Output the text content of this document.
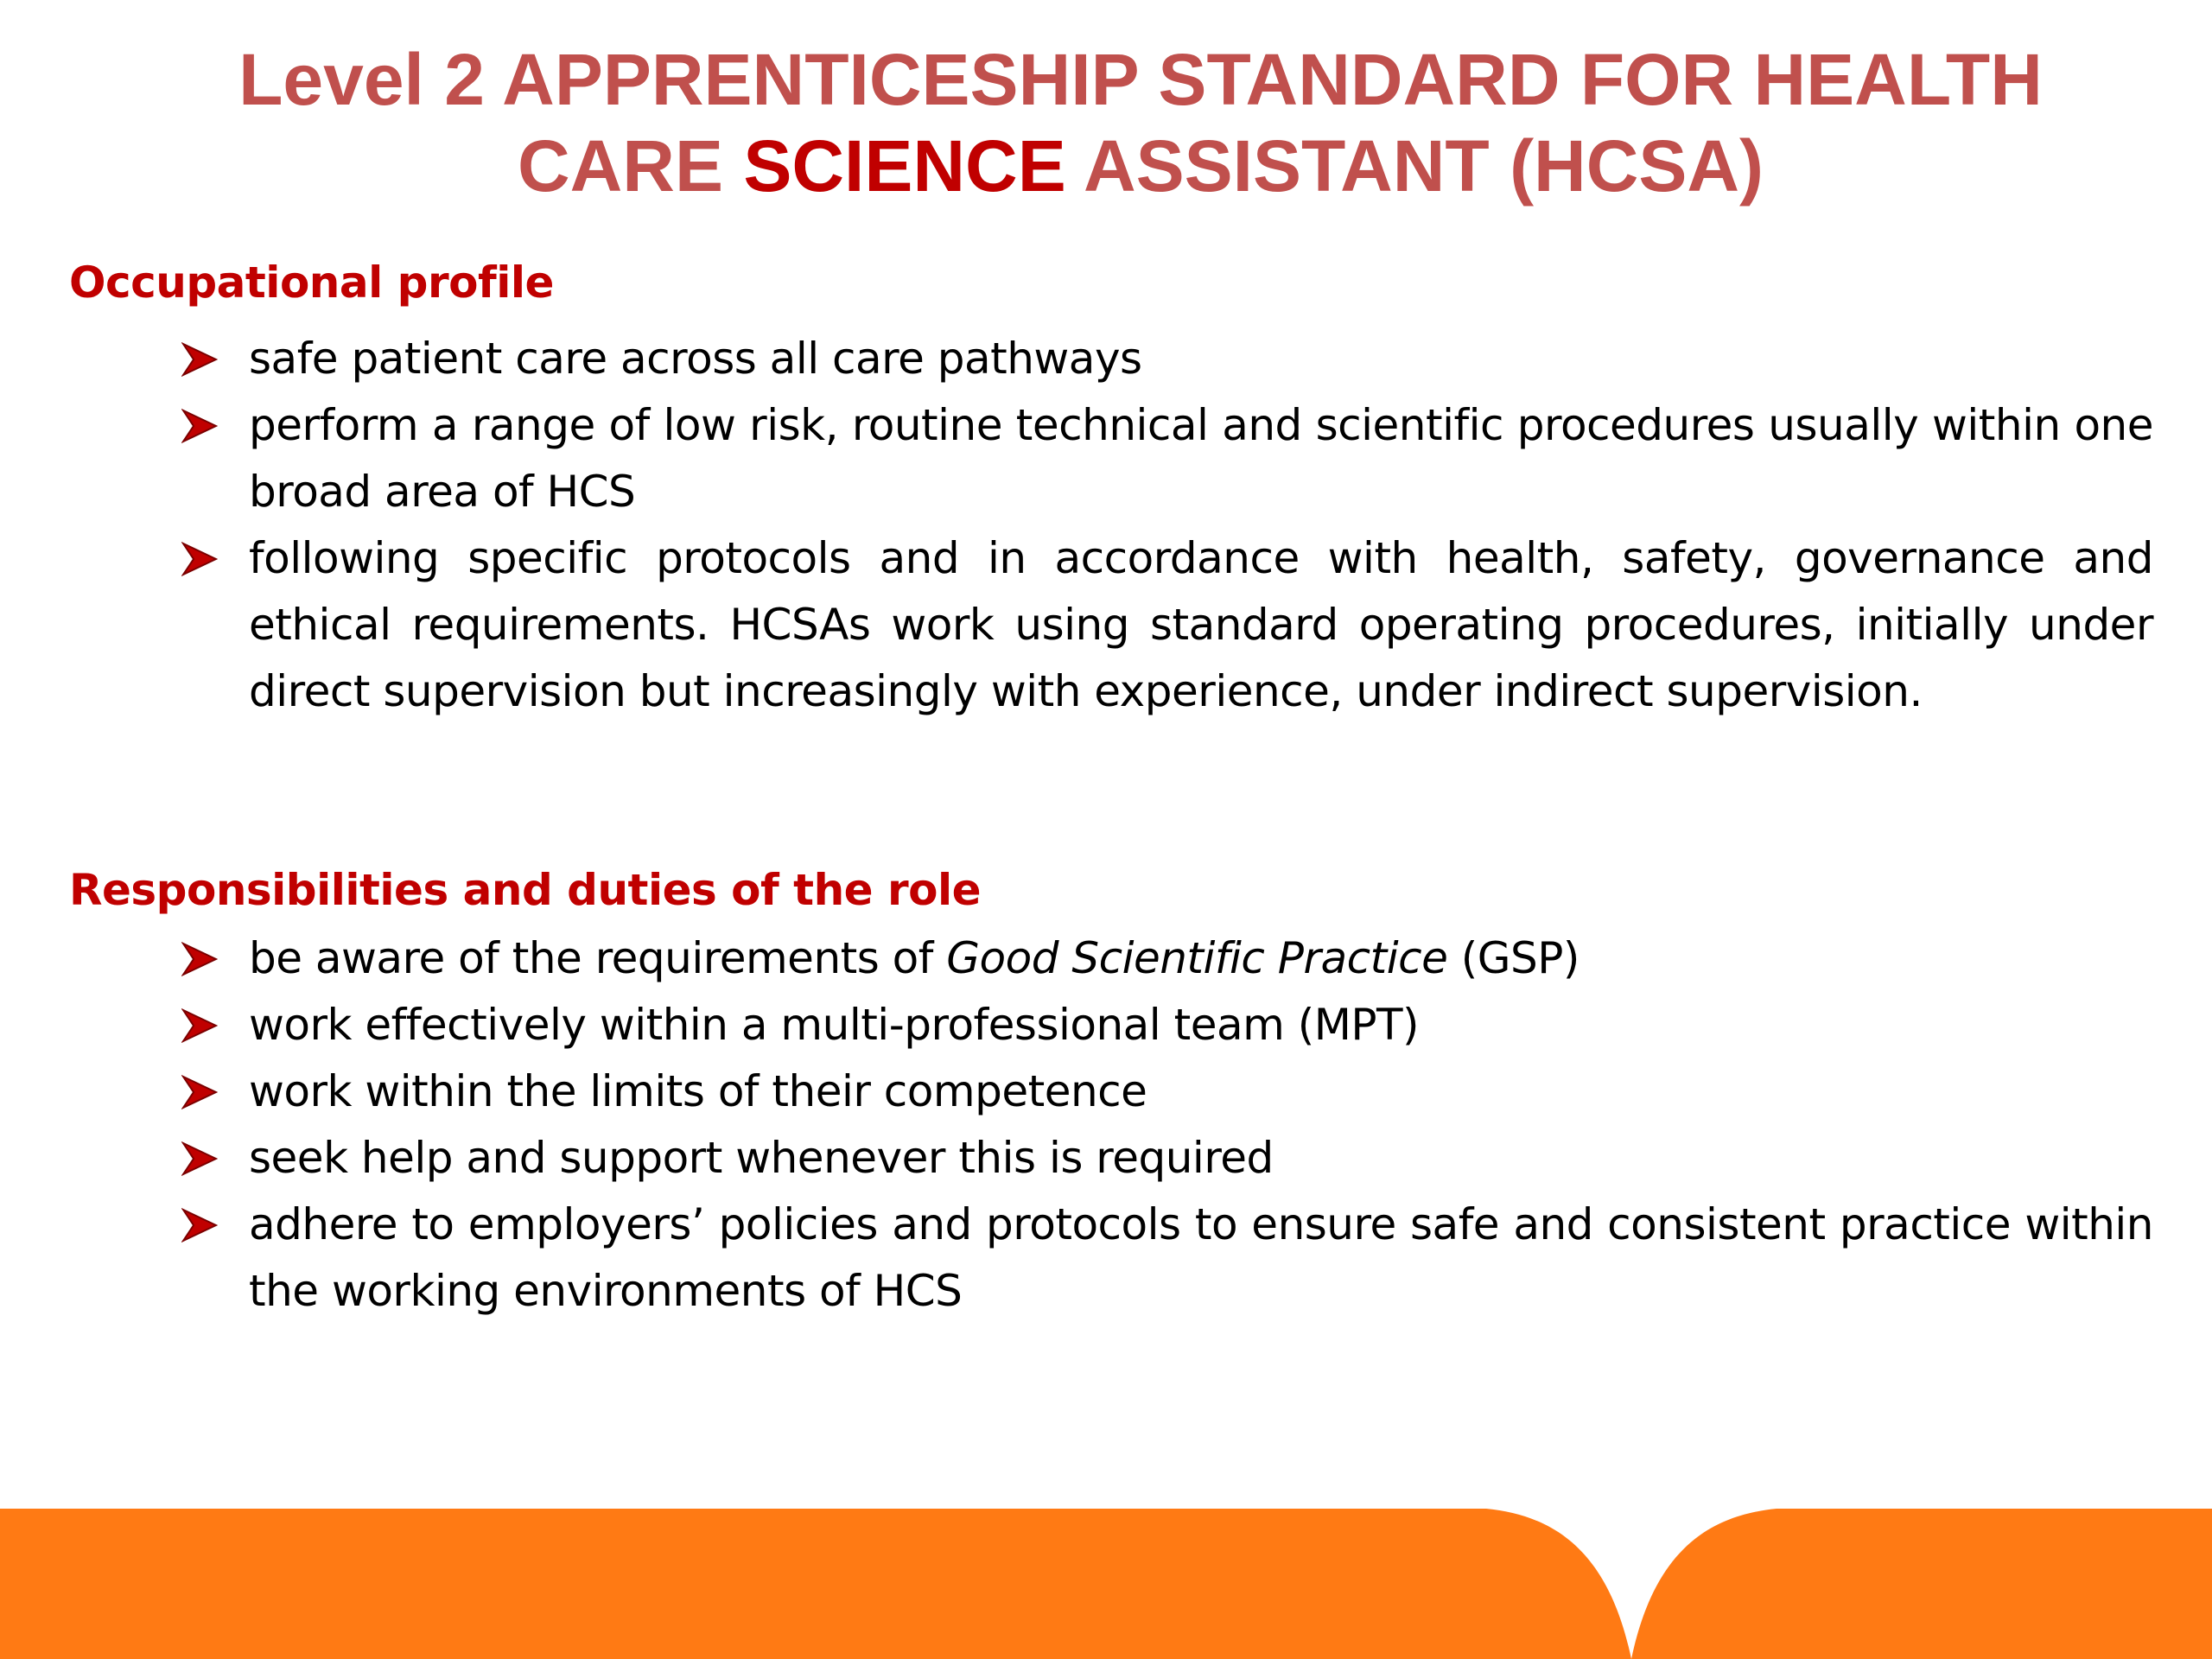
Level 2 APPRENTICESHIP STANDARD FOR HEALTH
CARE SCIENCE ASSISTANT (HCSA)
Occupational profile
safe patient care across all care pathways
perform a range of low risk, routine technical and scientific procedures usually within one broad area of HCS
following specific protocols and in accordance with health, safety, governance and ethical requirements. HCSAs work using standard operating procedures, initially under direct supervision but increasingly with experience, under indirect supervision.
Responsibilities and duties of the role
be aware of the requirements of Good Scientific Practice (GSP)
work effectively within a multi-professional team (MPT)
work within the limits of their competence
seek help and support whenever this is required
adhere to employers’ policies and protocols to ensure safe and consistent practice within the working environments of HCS
